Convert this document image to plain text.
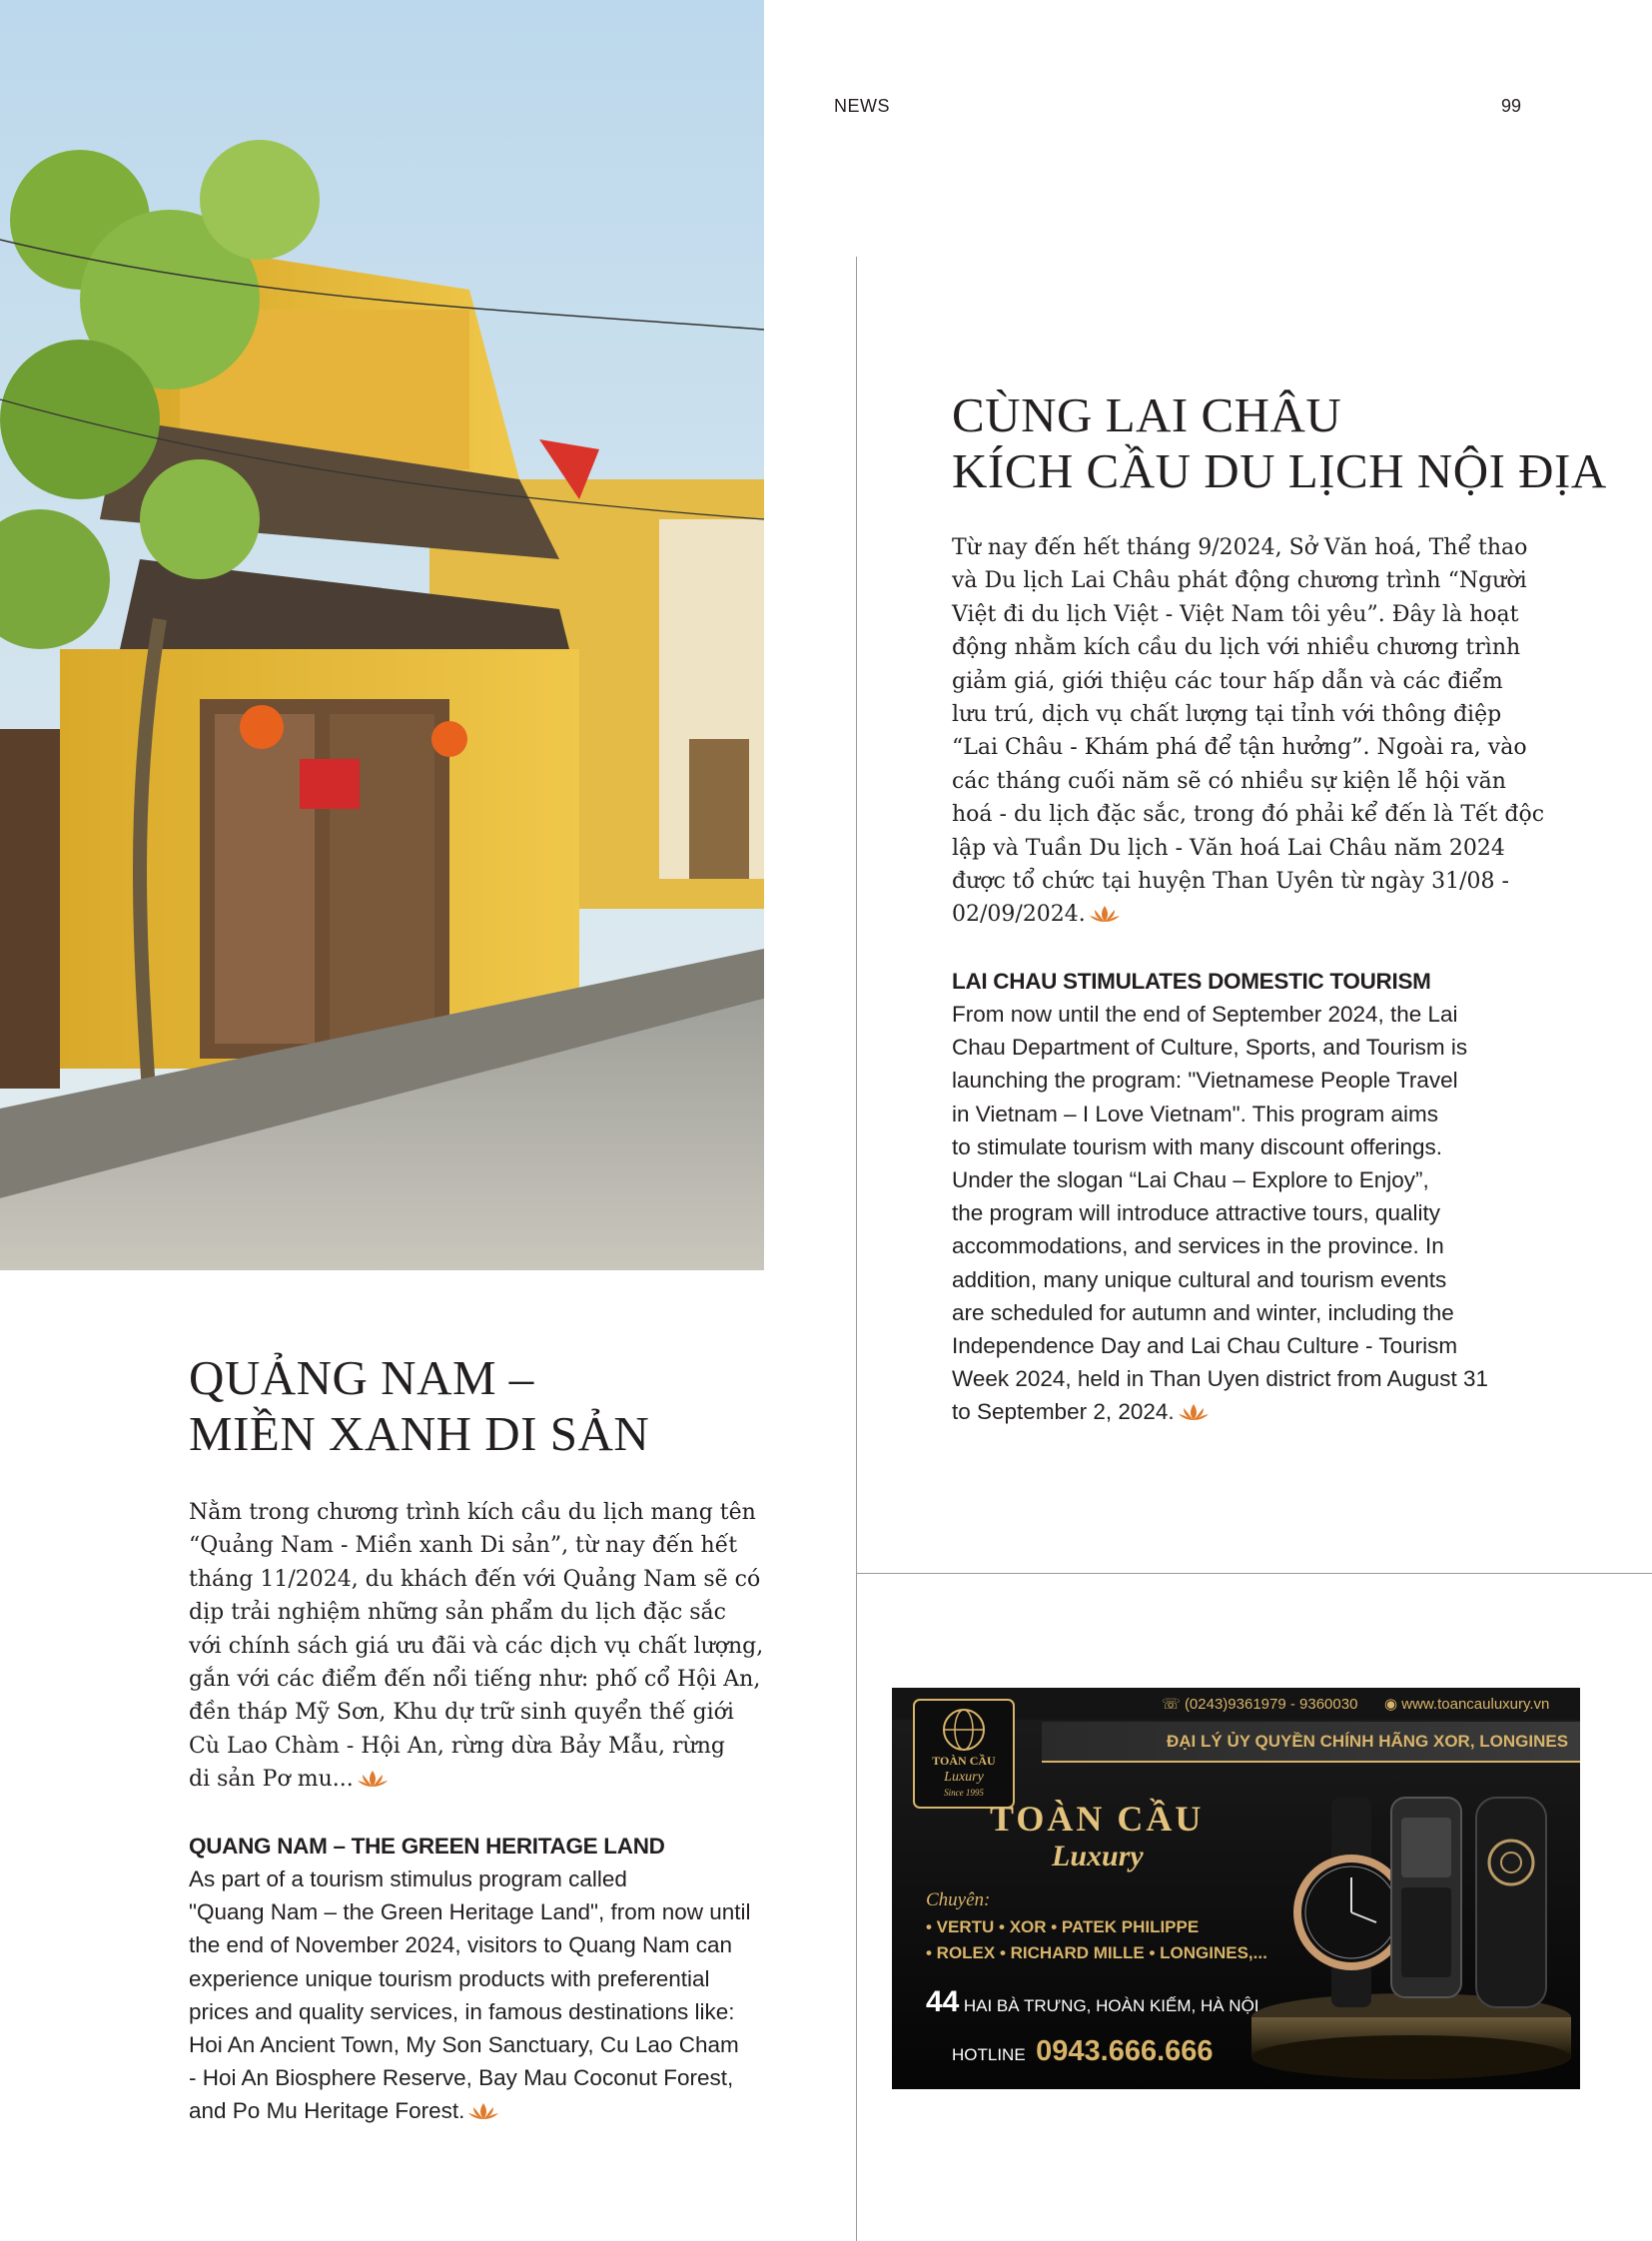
NEWS	99

CÙNG LAI CHÂU

KÍCH CẦU DU LỊCH NỘI ĐỊA

Từ nay đến hết tháng 9/2024, Sở Văn hoá, Thể thao

và Du lịch Lai Châu phát động chương trình “Người

Việt đi du lịch Việt - Việt Nam tôi yêu”. Đây là hoạt

động nhằm kích cầu du lịch với nhiều chương trình

giảm giá, giới thiệu các tour hấp dẫn và các điểm

lưu trú, dịch vụ chất lượng tại tỉnh với thông điệp

“Lai Châu - Khám phá để tận hưởng”. Ngoài ra, vào

các tháng cuối năm sẽ có nhiều sự kiện lễ hội văn

hoá - du lịch đặc sắc, trong đó phải kể đến là Tết độc

lập và Tuần Du lịch - Văn hoá Lai Châu năm 2024

được tổ chức tại huyện Than Uyên từ ngày 31/08 -

02/09/2024.

LAI CHAU STIMULATES DOMESTIC TOURISM

From now until the end of September 2024, the Lai

Chau Department of Culture, Sports, and Tourism is

launching the program: "Vietnamese People Travel

in Vietnam – I Love Vietnam". This program aims

to stimulate tourism with many discount offerings.

Under the slogan “Lai Chau – Explore to Enjoy”,

the program will introduce attractive tours, quality

accommodations, and services in the province. In

addition, many unique cultural and tourism events

are scheduled for autumn and winter, including the

Independence Day and Lai Chau Culture - Tourism

Week 2024, held in Than Uyen district from August 31

to September 2, 2024.

QUẢNG NAM –

MIỀN XANH DI SẢN

Nằm trong chương trình kích cầu du lịch mang tên

“Quảng Nam - Miền xanh Di sản”, từ nay đến hết

tháng 11/2024, du khách đến với Quảng Nam sẽ có

dịp trải nghiệm những sản phẩm du lịch đặc sắc

với chính sách giá ưu đãi và các dịch vụ chất lượng,

gắn với các điểm đến nổi tiếng như: phố cổ Hội An,

đền tháp Mỹ Sơn, Khu dự trữ sinh quyển thế giới

Cù Lao Chàm - Hội An, rừng dừa Bảy Mẫu, rừng

di sản Pơ mu...

QUANG NAM – THE GREEN HERITAGE LAND

As part of a tourism stimulus program called

"Quang Nam – the Green Heritage Land", from now until

the end of November 2024, visitors to Quang Nam can

experience unique tourism products with preferential

prices and quality services, in famous destinations like:

Hoi An Ancient Town, My Son Sanctuary, Cu Lao Cham

- Hoi An Biosphere Reserve, Bay Mau Coconut Forest,

and Po Mu Heritage Forest.

☏ (0243)9361979 - 9360030 ◉ www.toancauluxury.vn
ĐẠI LÝ ỦY QUYỀN CHÍNH HÃNG XOR, LONGINES
TOÀN CẦU
Luxury
Since 1995
TOÀN CẦU
Luxury
Chuyên:
• VERTU • XOR • PATEK PHILIPPE
• ROLEX • RICHARD MILLE • LONGINES,...
44 HAI BÀ TRƯNG, HOÀN KIẾM, HÀ NỘI
HOTLINE 0943.666.666
